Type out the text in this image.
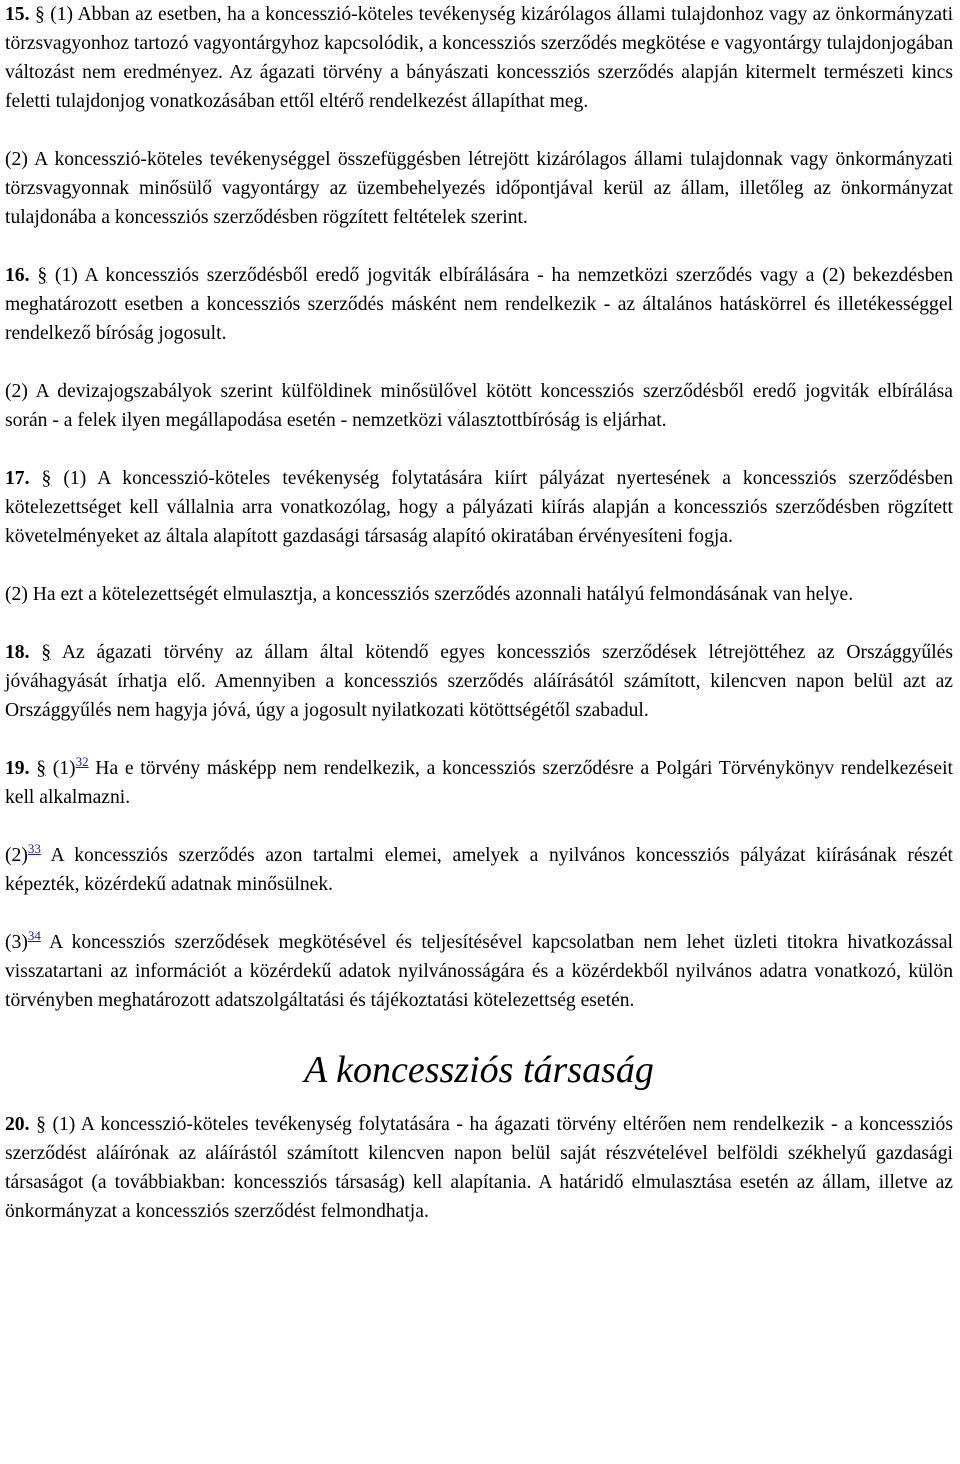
15. § (1) Abban az esetben, ha a koncesszió-köteles tevékenység kizárólagos állami tulajdonhoz vagy az önkormányzati törzsvagyonhoz tartozó vagyontárgyhoz kapcsolódik, a koncessziós szerződés megkötése e vagyontárgy tulajdonjogában változást nem eredményez. Az ágazati törvény a bányászati koncessziós szerződés alapján kitermelt természeti kincs feletti tulajdonjog vonatkozásában ettől eltérő rendelkezést állapíthat meg.

(2) A koncesszió-köteles tevékenységgel összefüggésben létrejött kizárólagos állami tulajdonnak vagy önkormányzati törzsvagyonnak minősülő vagyontárgy az üzembehelyezés időpontjával kerül az állam, illetőleg az önkormányzat tulajdonába a koncessziós szerződésben rögzített feltételek szerint.

16. § (1) A koncessziós szerződésből eredő jogviták elbírálására - ha nemzetközi szerződés vagy a (2) bekezdésben meghatározott esetben a koncessziós szerződés másként nem rendelkezik - az általános hatáskörrel és illetékességgel rendelkező bíróság jogosult.

(2) A devizajogszabályok szerint külföldinek minősülővel kötött koncessziós szerződésből eredő jogviták elbírálása során - a felek ilyen megállapodása esetén - nemzetközi választottbíróság is eljárhat.

17. § (1) A koncesszió-köteles tevékenység folytatására kiírt pályázat nyertesének a koncessziós szerződésben kötelezettséget kell vállalnia arra vonatkozólag, hogy a pályázati kiírás alapján a koncessziós szerződésben rögzített követelményeket az általa alapított gazdasági társaság alapító okiratában érvényesíteni fogja.

(2) Ha ezt a kötelezettségét elmulasztja, a koncessziós szerződés azonnali hatályú felmondásának van helye.

18. § Az ágazati törvény az állam által kötendő egyes koncessziós szerződések létrejöttéhez az Országgyűlés jóváhagyását írhatja elő. Amennyiben a koncessziós szerződés aláírásától számított, kilencven napon belül azt az Országgyűlés nem hagyja jóvá, úgy a jogosult nyilatkozati kötöttségétől szabadul.

19. § (1)$^{32}$ Ha e törvény másképp nem rendelkezik, a koncessziós szerződésre a Polgári Törvénykönyv rendelkezéseit kell alkalmazni.

(2)$^{33}$ A koncessziós szerződés azon tartalmi elemei, amelyek a nyilvános koncessziós pályázat kiírásának részét képezték, közérdekű adatnak minősülnek.

(3)$^{34}$ A koncessziós szerződések megkötésével és teljesítésével kapcsolatban nem lehet üzleti titokra hivatkozással visszatartani az információt a közérdekű adatok nyilvánosságára és a közérdekből nyilvános adatra vonatkozó, külön törvényben meghatározott adatszolgáltatási és tájékoztatási kötelezettség esetén.

A koncessziós társaság

20. § (1) A koncesszió-köteles tevékenység folytatására - ha ágazati törvény eltérően nem rendelkezik - a koncessziós szerződést aláírónak az aláírástól számított kilencven napon belül saját részvételével belföldi székhelyű gazdasági társaságot (a továbbiakban: koncessziós társaság) kell alapítania. A határidő elmulasztása esetén az állam, illetve az önkormányzat a koncessziós szerződést felmondhatja.
